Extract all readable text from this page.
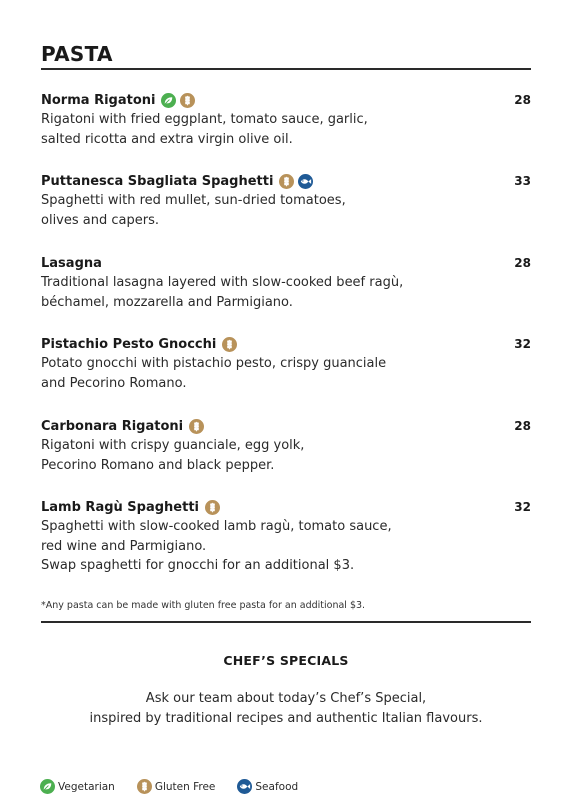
PASTA
Norma Rigatoni	28
Rigatoni with fried eggplant, tomato sauce, garlic,
salted ricotta and extra virgin olive oil.
Puttanesca Sbagliata Spaghetti	33
Spaghetti with red mullet, sun-dried tomatoes,
olives and capers.
Lasagna	28
Traditional lasagna layered with slow-cooked beef ragù,
béchamel, mozzarella and Parmigiano.
Pistachio Pesto Gnocchi	32
Potato gnocchi with pistachio pesto, crispy guanciale
and Pecorino Romano.
Carbonara Rigatoni	28
Rigatoni with crispy guanciale, egg yolk,
Pecorino Romano and black pepper.
Lamb Ragù Spaghetti	32
Spaghetti with slow-cooked lamb ragù, tomato sauce,
red wine and Parmigiano.
Swap spaghetti for gnocchi for an additional $3.
*Any pasta can be made with gluten free pasta for an additional $3.
CHEF’S SPECIALS
Ask our team about today’s Chef’s Special,
inspired by traditional recipes and authentic Italian flavours.
Vegetarian	Gluten Free	Seafood
